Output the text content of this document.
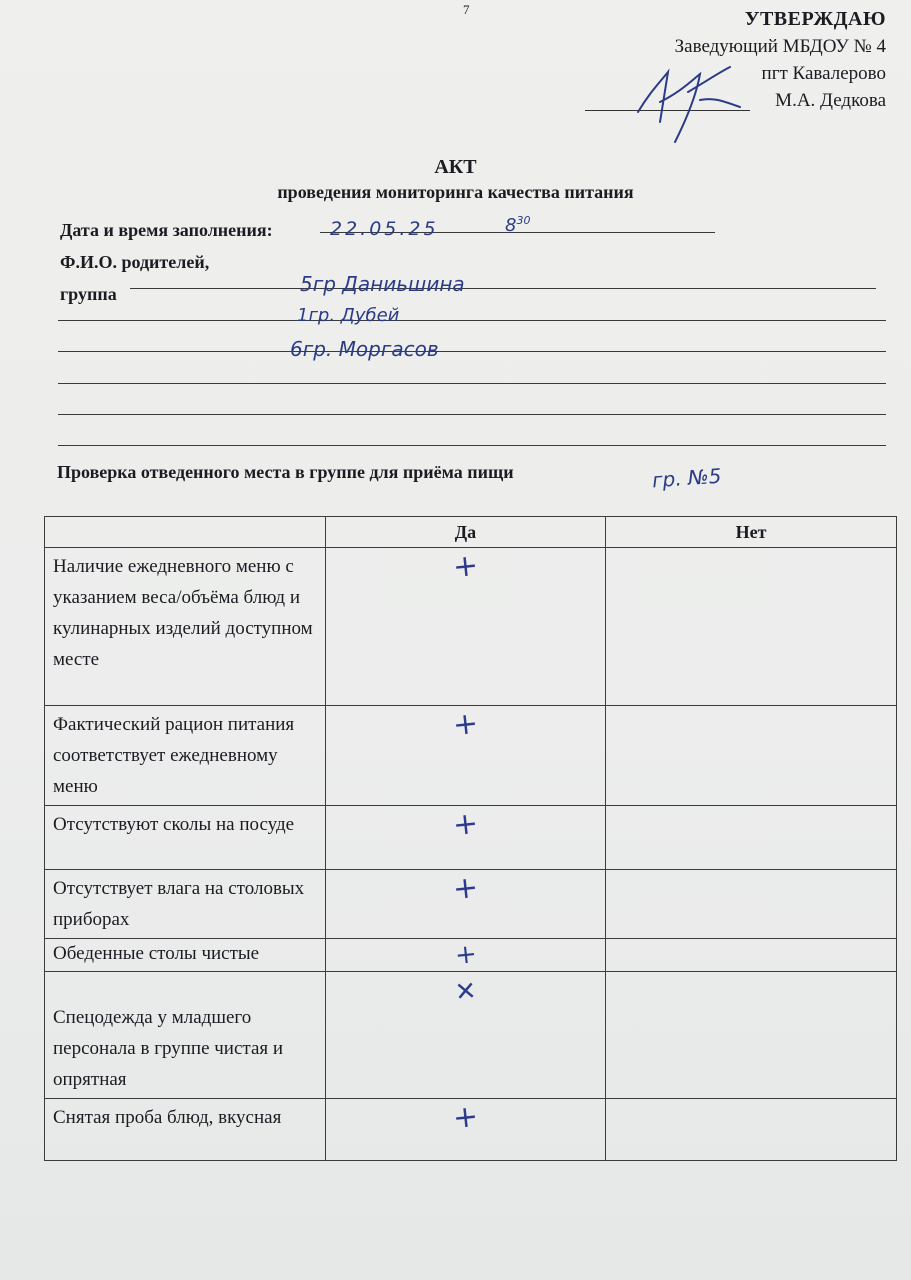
7	УТВЕРЖДАЮ
Заведующий МБДОУ № 4
пгт Кавалерово
М.А. Дедкова
АКТ
проведения мониторинга качества питания
Дата и время заполнения:	22.05.25	$8^{30}$
Ф.И.О. родителей,
группа	5гр Даниьшина
1гр. Дубей
6гр. Моргасов
Проверка отведенного места в группе для приёма пищи	гр. №5
	Да	Нет
Наличие ежедневного меню с указанием веса/объёма блюд и кулинарных изделий доступном месте	+	
Фактический рацион питания соответствует ежедневному меню	+	
Отсутствуют сколы на посуде	+	
Отсутствует влага на столовых приборах	+	
Обеденные столы чистые	+	
Спецодежда у младшего персонала в группе чистая и опрятная	+	
Снятая проба блюд, вкусная	+	
